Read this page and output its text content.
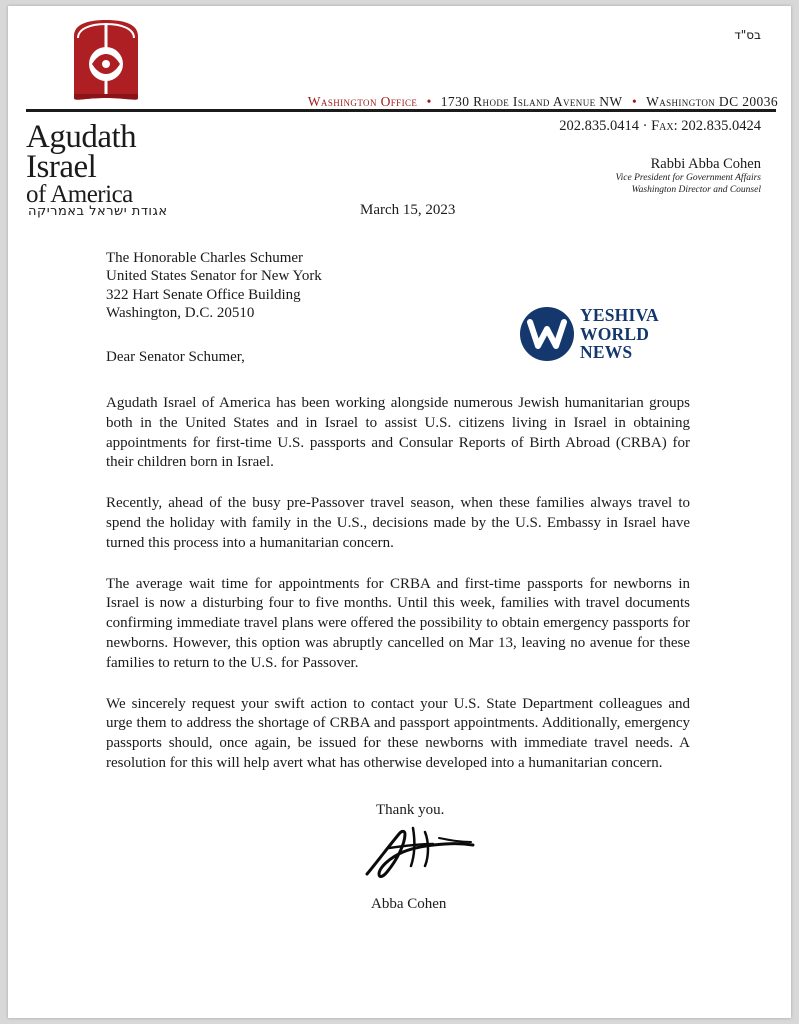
בס"ד
Agudath
Israel
of America
אגודת ישראל באמריקה
Washington Office • 1730 Rhode Island Avenue NW • Washington DC 20036
202.835.0414 · Fax: 202.835.0424
Rabbi Abba Cohen
Vice President for Government Affairs
Washington Director and Counsel
March 15, 2023
The Honorable Charles Schumer
United States Senator for New York
322 Hart Senate Office Building
Washington, D.C. 20510
Dear Senator Schumer,

Agudath Israel of America has been working alongside numerous Jewish humanitarian groups both in the United States and in Israel to assist U.S. citizens living in Israel in obtaining appointments for first-time U.S. passports and Consular Reports of Birth Abroad (CRBA) for their children born in Israel.

Recently, ahead of the busy pre-Passover travel season, when these families always travel to spend the holiday with family in the U.S., decisions made by the U.S. Embassy in Israel have turned this process into a humanitarian concern.

The average wait time for appointments for CRBA and first-time passports for newborns in Israel is now a disturbing four to five months. Until this week, families with travel documents confirming immediate travel plans were offered the possibility to obtain emergency passports for newborns. However, this option was abruptly cancelled on Mar 13, leaving no avenue for these families to return to the U.S. for Passover.

We sincerely request your swift action to contact your U.S. State Department colleagues and urge them to address the shortage of CRBA and passport appointments. Additionally, emergency passports should, once again, be issued for these newborns with immediate travel needs. A resolution for this will help avert what has otherwise developed into a humanitarian concern.

Thank you.
Abba Cohen
YESHIVA
WORLD
NEWS
